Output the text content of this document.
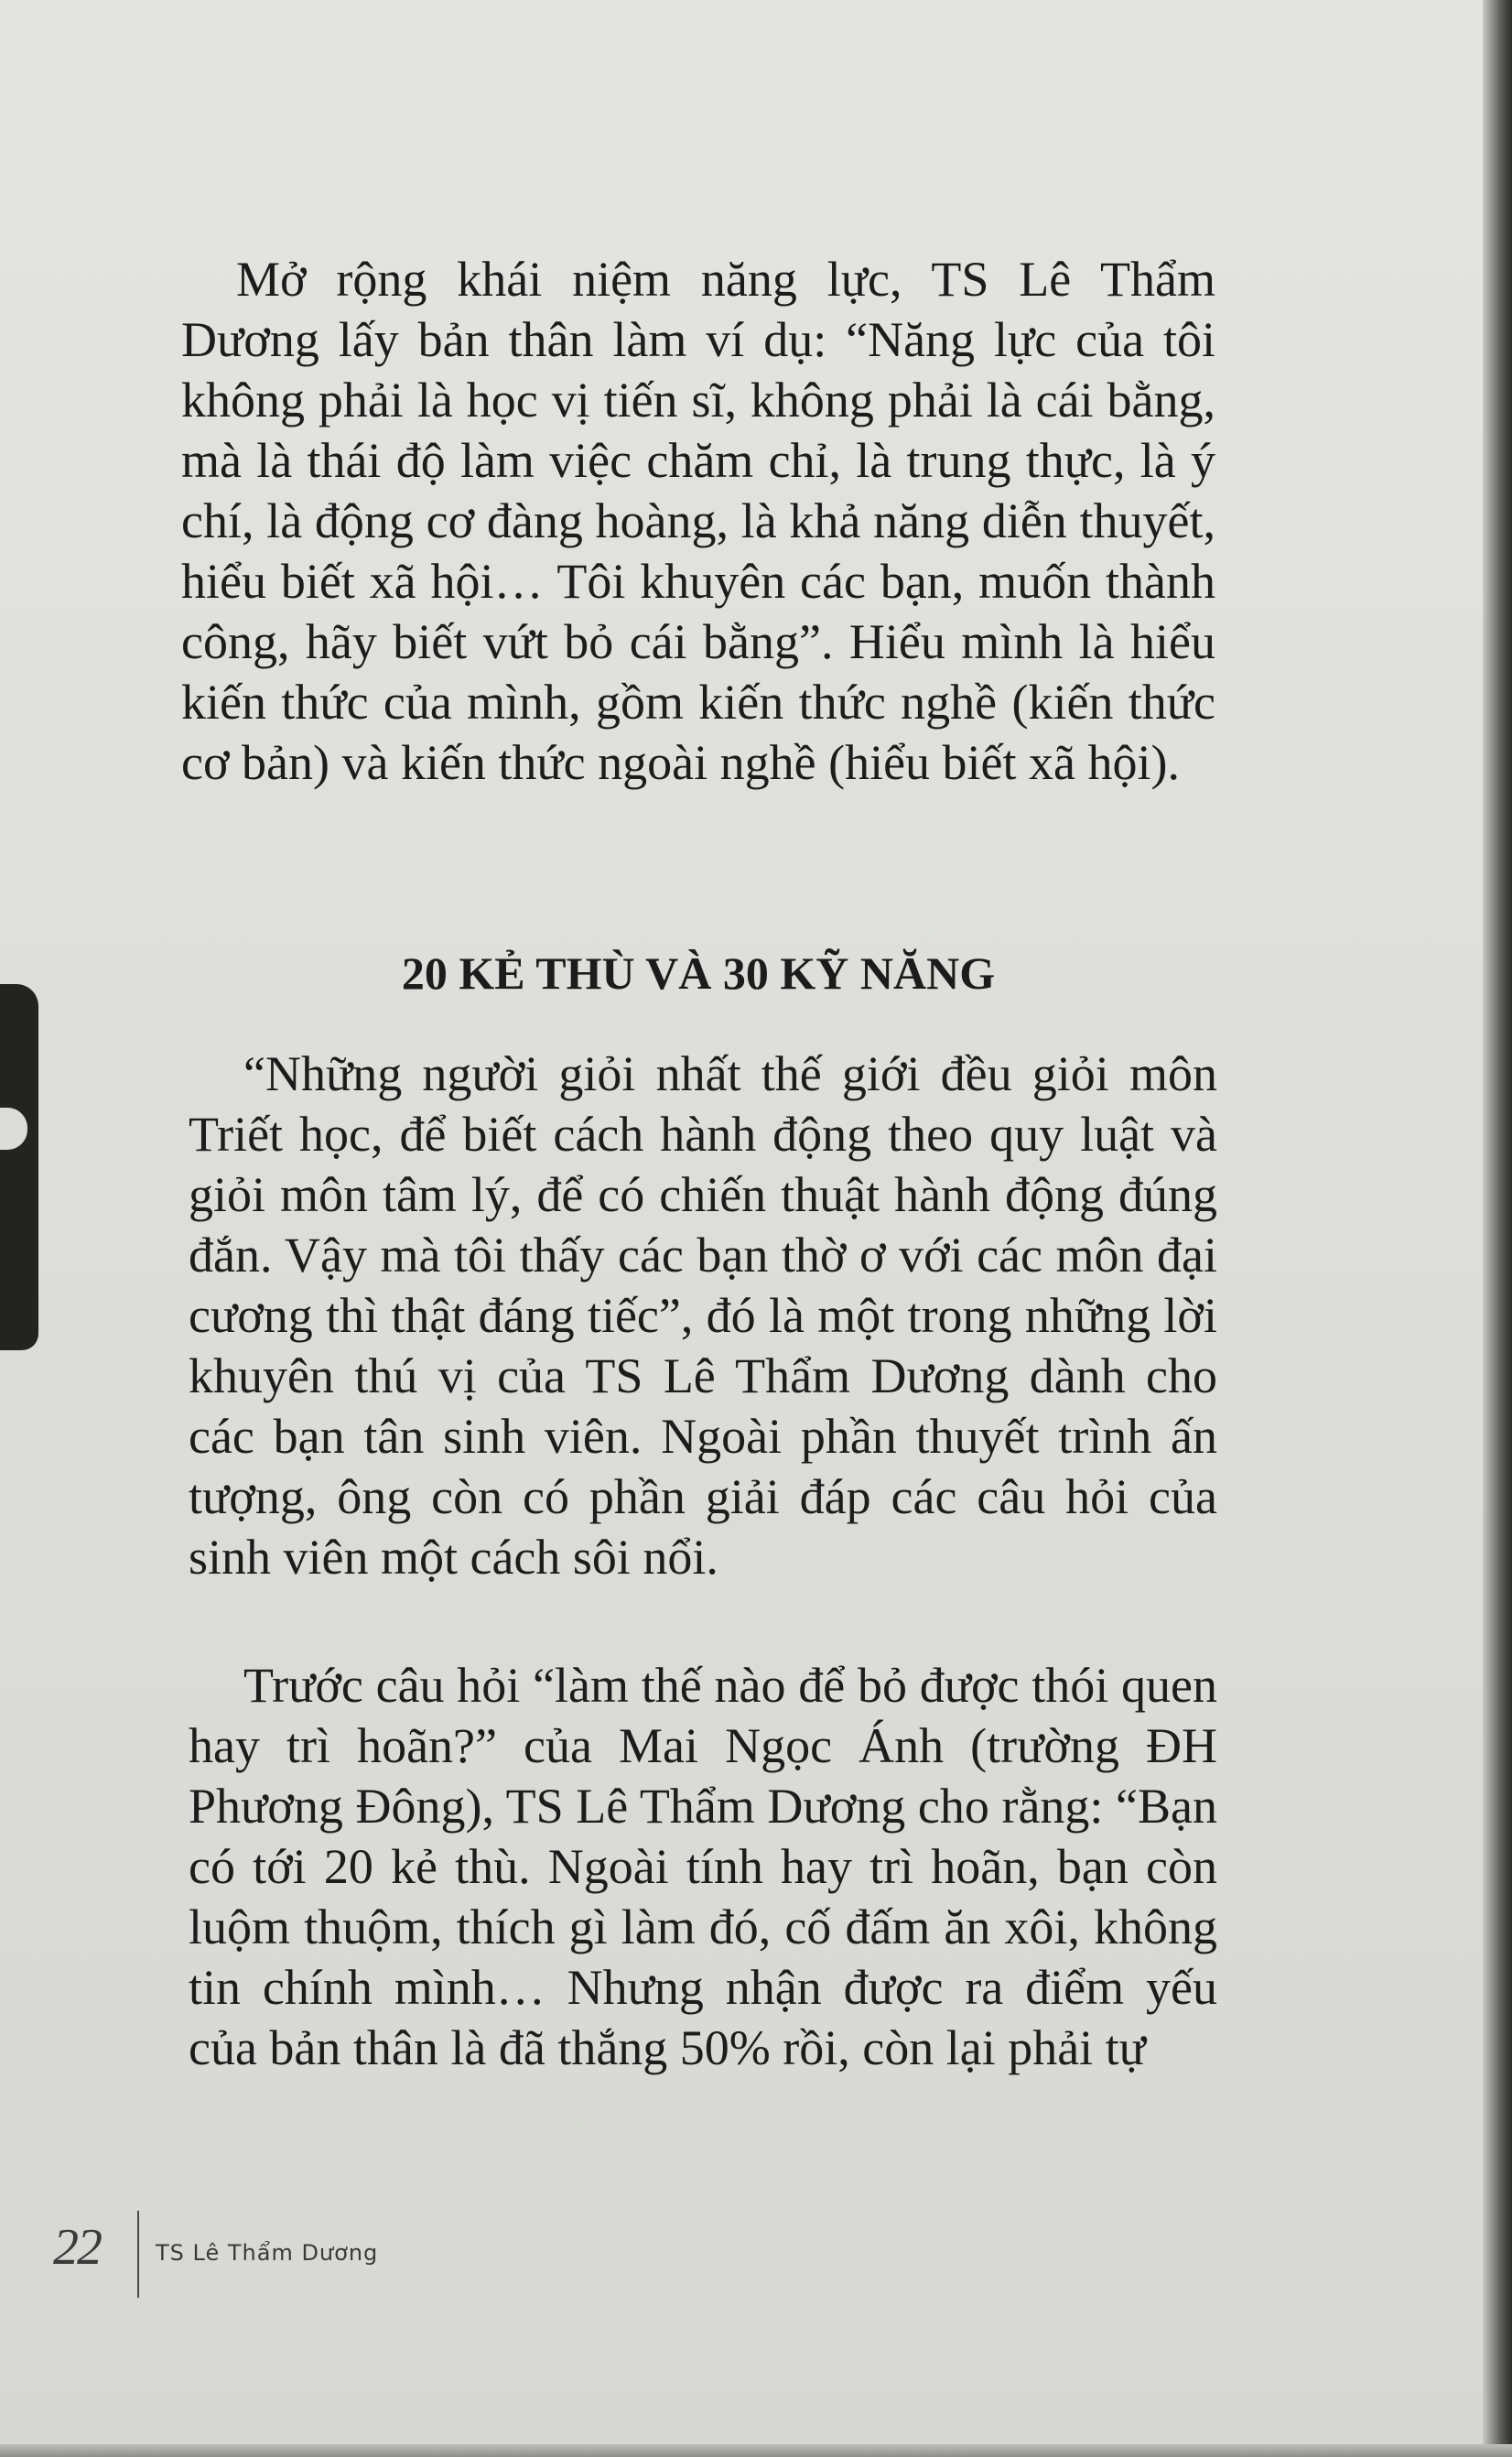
Mở rộng khái niệm năng lực, TS Lê Thẩm Dương lấy bản thân làm ví dụ: “Năng lực của tôi không phải là học vị tiến sĩ, không phải là cái bằng, mà là thái độ làm việc chăm chỉ, là trung thực, là ý chí, là động cơ đàng hoàng, là khả năng diễn thuyết, hiểu biết xã hội… Tôi khuyên các bạn, muốn thành công, hãy biết vứt bỏ cái bằng”. Hiểu mình là hiểu kiến thức của mình, gồm kiến thức nghề (kiến thức cơ bản) và kiến thức ngoài nghề (hiểu biết xã hội).

20 KẺ THÙ VÀ 30 KỸ NĂNG

“Những người giỏi nhất thế giới đều giỏi môn Triết học, để biết cách hành động theo quy luật và giỏi môn tâm lý, để có chiến thuật hành động đúng đắn. Vậy mà tôi thấy các bạn thờ ơ với các môn đại cương thì thật đáng tiếc”, đó là một trong những lời khuyên thú vị của TS Lê Thẩm Dương dành cho các bạn tân sinh viên. Ngoài phần thuyết trình ấn tượng, ông còn có phần giải đáp các câu hỏi của sinh viên một cách sôi nổi.

Trước câu hỏi “làm thế nào để bỏ được thói quen hay trì hoãn?” của Mai Ngọc Ánh (trường ĐH Phương Đông), TS Lê Thẩm Dương cho rằng: “Bạn có tới 20 kẻ thù. Ngoài tính hay trì hoãn, bạn còn luộm thuộm, thích gì làm đó, cố đấm ăn xôi, không tin chính mình… Nhưng nhận được ra điểm yếu của bản thân là đã thắng 50% rồi, còn lại phải tự

22	TS Lê Thẩm Dương
